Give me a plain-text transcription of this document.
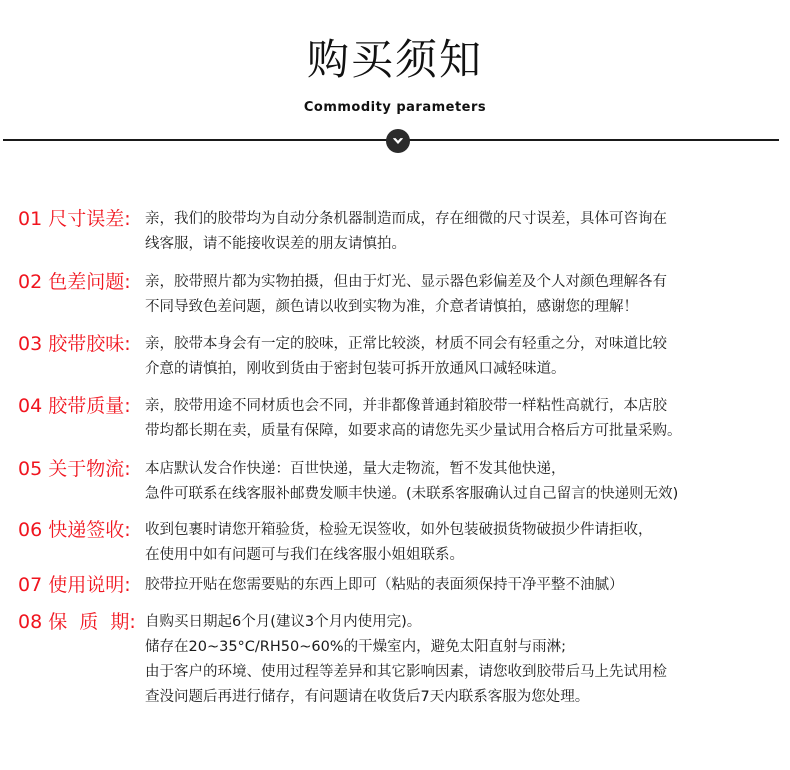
购买须知
Commodity parameters
01 尺寸误差: 亲，我们的胶带均为自动分条机器制造而成，存在细微的尺寸误差，具体可咨询在
线客服，请不能接收误差的朋友请慎拍。
02 色差问题: 亲，胶带照片都为实物拍摄，但由于灯光、显示器色彩偏差及个人对颜色理解各有
不同导致色差问题，颜色请以收到实物为准，介意者请慎拍，感谢您的理解！
03 胶带胶味: 亲，胶带本身会有一定的胶味，正常比较淡，材质不同会有轻重之分，对味道比较
介意的请慎拍，刚收到货由于密封包装可拆开放通风口减轻味道。
04 胶带质量: 亲，胶带用途不同材质也会不同，并非都像普通封箱胶带一样粘性高就行，本店胶
带均都长期在卖，质量有保障，如要求高的请您先买少量试用合格后方可批量采购。
05 关于物流: 本店默认发合作快递：百世快递，量大走物流，暂不发其他快递，
急件可联系在线客服补邮费发顺丰快递。(未联系客服确认过自己留言的快递则无效)
06 快递签收: 收到包裹时请您开箱验货，检验无误签收，如外包装破损货物破损少件请拒收，
在使用中如有问题可与我们在线客服小姐姐联系。
07 使用说明: 胶带拉开贴在您需要贴的东西上即可（粘贴的表面须保持干净平整不油腻）
08 保  质  期: 自购买日期起6个月(建议3个月内使用完)。
储存在20~35°C/RH50~60%的干燥室内，避免太阳直射与雨淋;
由于客户的环境、使用过程等差异和其它影响因素，请您收到胶带后马上先试用检
查没问题后再进行储存，有问题请在收货后7天内联系客服为您处理。
